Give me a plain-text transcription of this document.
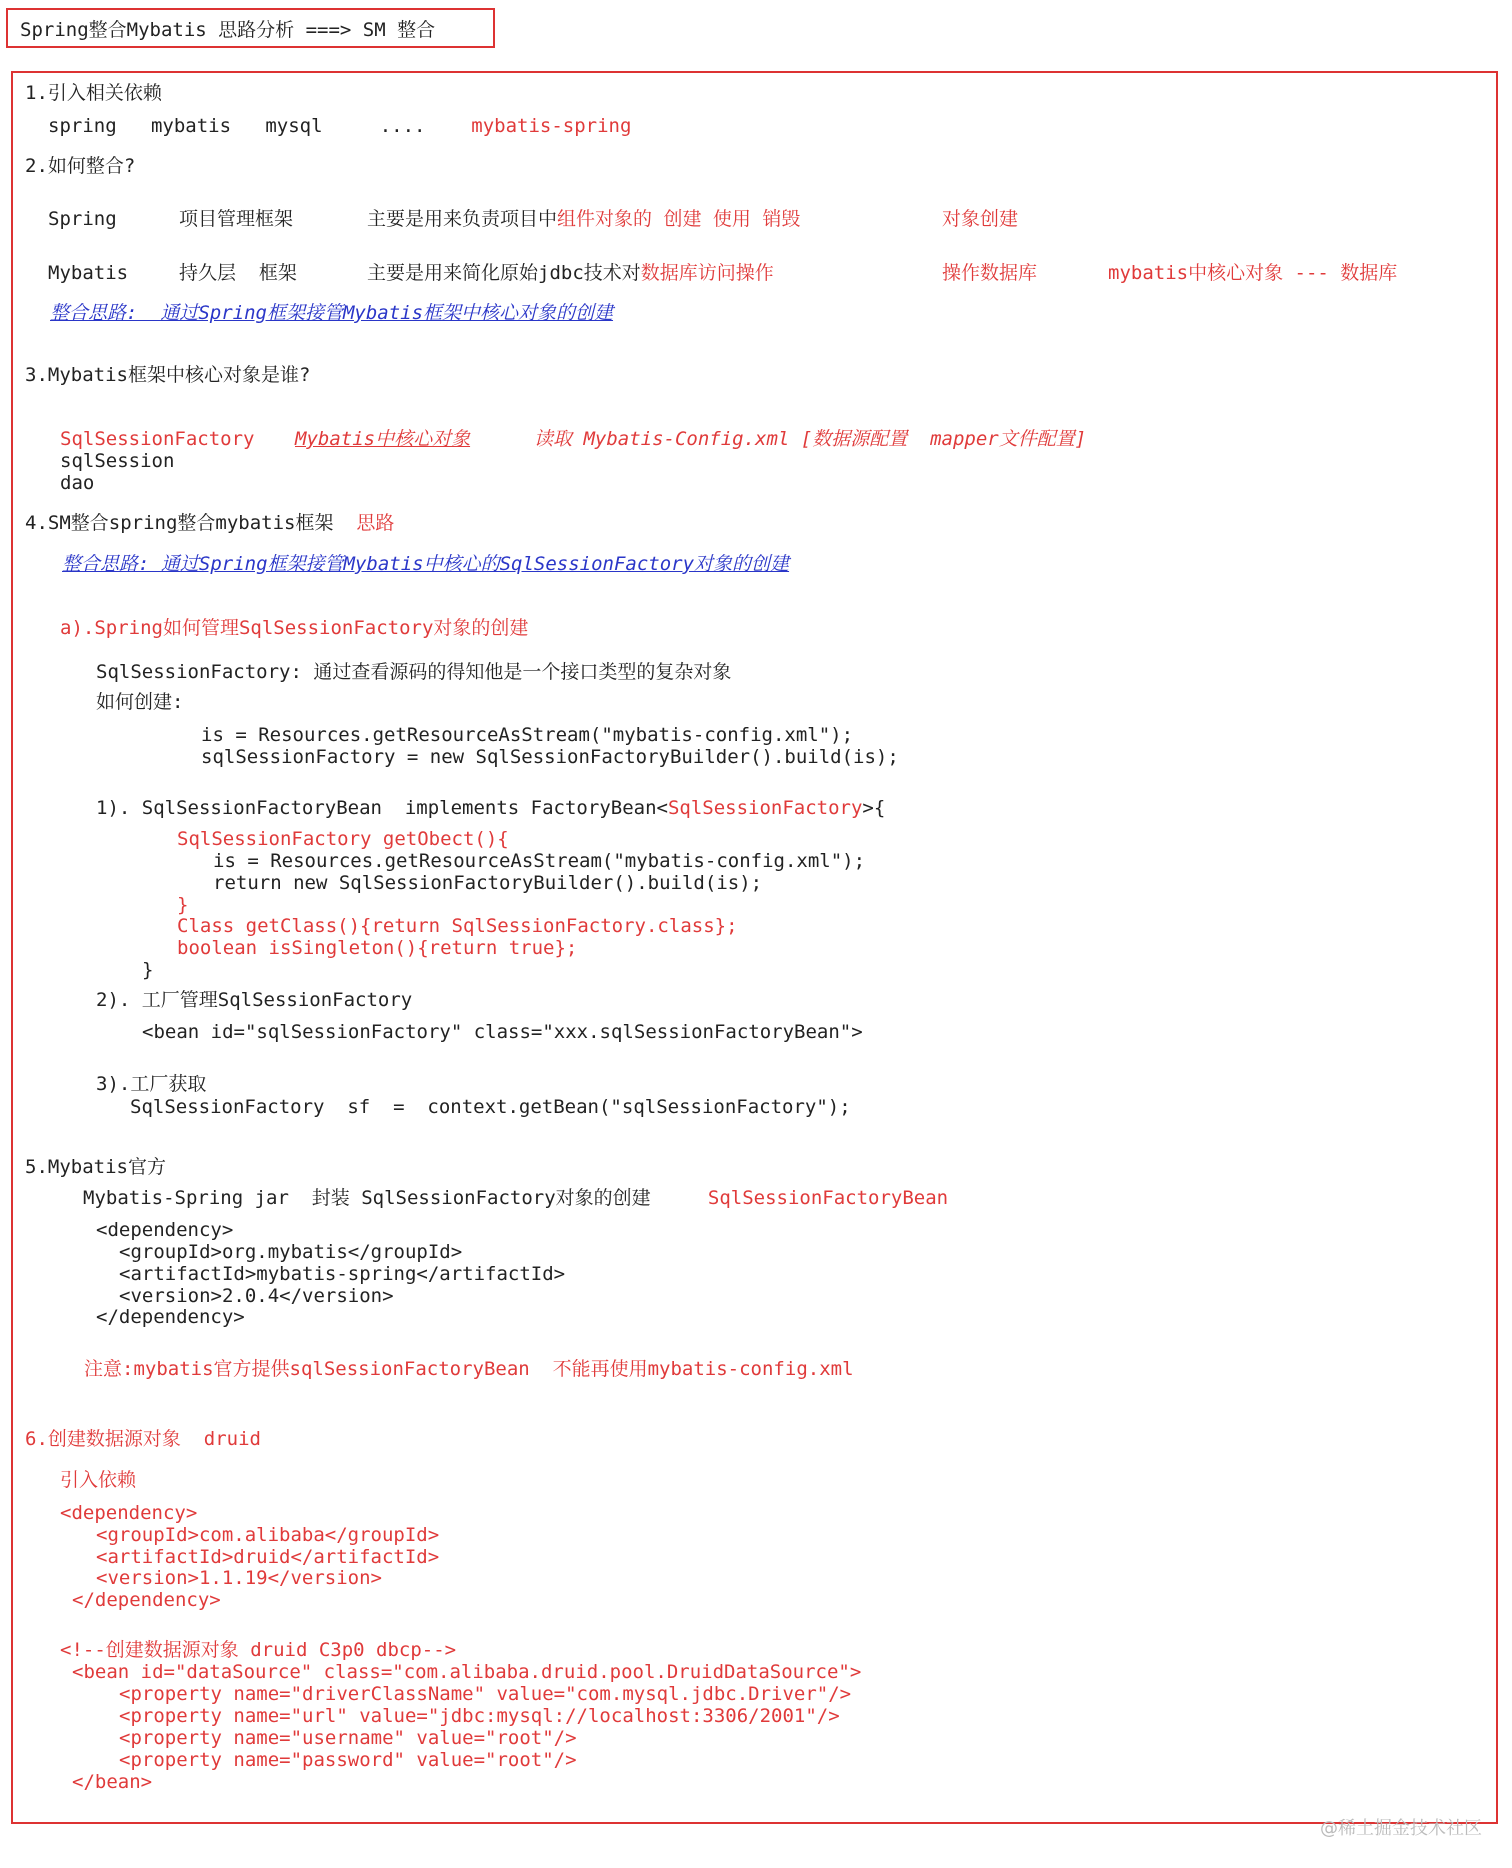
Spring整合Mybatis 思路分析 ===> SM 整合
1.引入相关依赖
spring   mybatis   mysql     ....    mybatis-spring
2.如何整合?
Spring	项目管理框架	主要是用来负责项目中组件对象的 创建 使用 销毁	对象创建
Mybatis	持久层  框架	主要是用来简化原始jdbc技术对数据库访问操作	操作数据库	mybatis中核心对象 --- 数据库
整合思路:  通过Spring框架接管Mybatis框架中核心对象的创建
3.Mybatis框架中核心对象是谁?
SqlSessionFactory Mybatis中核心对象	读取 Mybatis-Config.xml [数据源配置  mapper文件配置]
sqlSession
dao
4.SM整合spring整合mybatis框架 思路
整合思路: 通过Spring框架接管Mybatis中核心的SqlSessionFactory对象的创建
a).Spring如何管理SqlSessionFactory对象的创建
SqlSessionFactory: 通过查看源码的得知他是一个接口类型的复杂对象
如何创建:
is = Resources.getResourceAsStream("mybatis-config.xml");
sqlSessionFactory = new SqlSessionFactoryBuilder().build(is);
1). SqlSessionFactoryBean  implements FactoryBean<SqlSessionFactory>{
SqlSessionFactory getObect(){
is = Resources.getResourceAsStream("mybatis-config.xml");
return new SqlSessionFactoryBuilder().build(is);
}
Class getClass(){return SqlSessionFactory.class};
boolean isSingleton(){return true};
}
2). 工厂管理SqlSessionFactory
<bean id="sqlSessionFactory" class="xxx.sqlSessionFactoryBean">
3).工厂获取
SqlSessionFactory  sf  =  context.getBean("sqlSessionFactory");
5.Mybatis官方
Mybatis-Spring jar  封装 SqlSessionFactory对象的创建     SqlSessionFactoryBean
<dependency>
<groupId>org.mybatis</groupId>
<artifactId>mybatis-spring</artifactId>
<version>2.0.4</version>
</dependency>
注意:mybatis官方提供sqlSessionFactoryBean  不能再使用mybatis-config.xml
6.创建数据源对象  druid
引入依赖
<dependency>
<groupId>com.alibaba</groupId>
<artifactId>druid</artifactId>
<version>1.1.19</version>
</dependency>
<!--创建数据源对象 druid C3p0 dbcp-->
<bean id="dataSource" class="com.alibaba.druid.pool.DruidDataSource">
<property name="driverClassName" value="com.mysql.jdbc.Driver"/>
<property name="url" value="jdbc:mysql://localhost:3306/2001"/>
<property name="username" value="root"/>
<property name="password" value="root"/>
</bean>
@稀土掘金技术社区
